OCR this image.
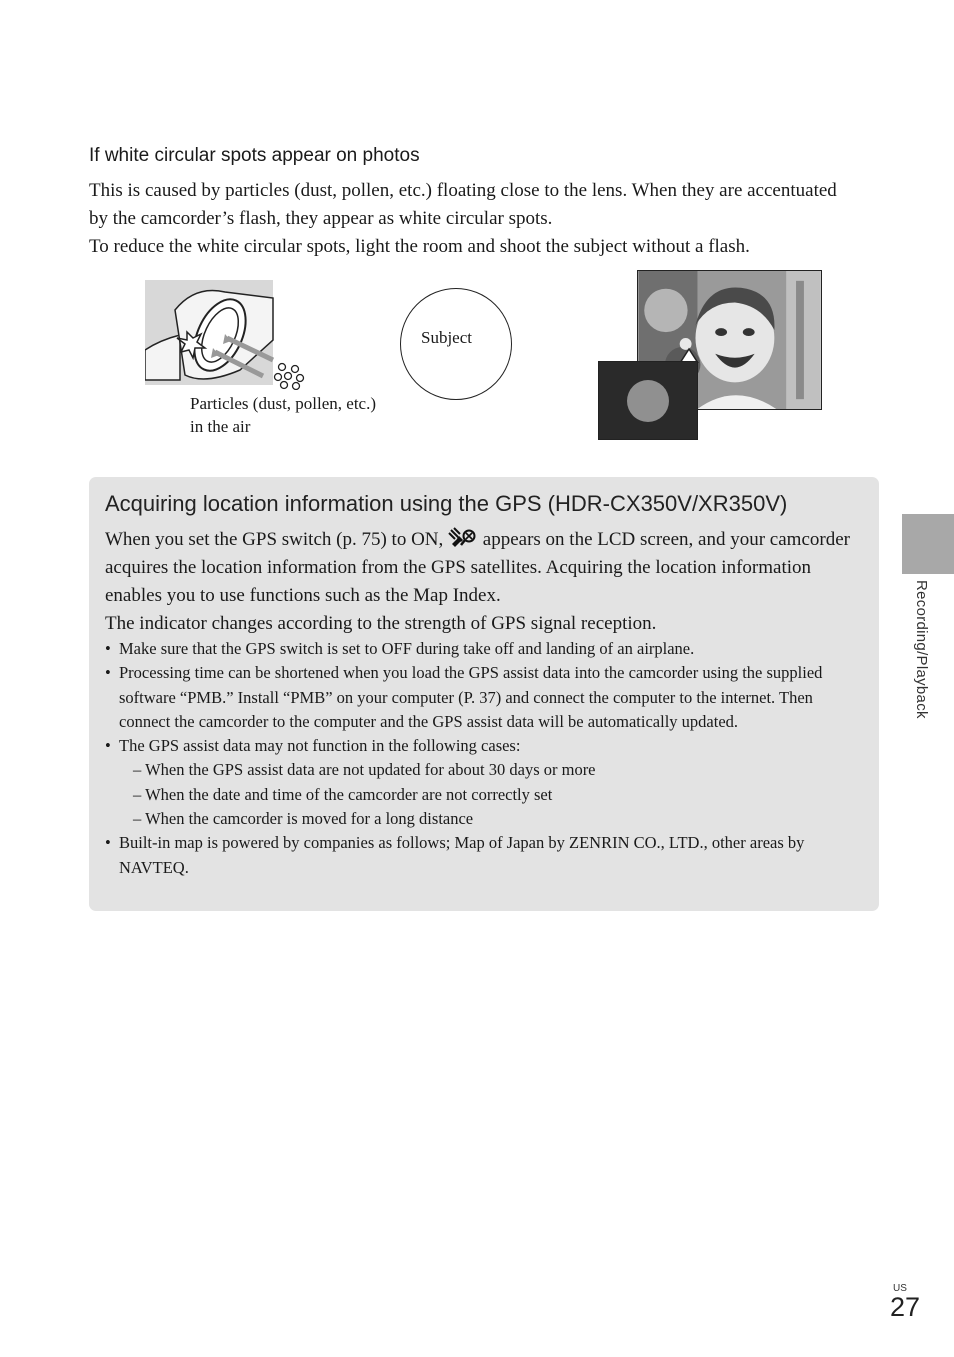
If white circular spots appear on photos

This is caused by particles (dust, pollen, etc.) floating close to the lens. When they are accentuated by the camcorder’s flash, they appear as white circular spots.

To reduce the white circular spots, light the room and shoot the subject without a flash.

Particles (dust, pollen, etc.)
in the air
Subject
Acquiring location information using the GPS (HDR-CX350V/XR350V)

When you set the GPS switch (p. 75) to ON,  appears on the LCD screen, and your camcorder acquires the location information from the GPS satellites. Acquiring the location information enables you to use functions such as the Map Index.

The indicator changes according to the strength of GPS signal reception.

• Make sure that the GPS switch is set to OFF during take off and landing of an airplane.
• Processing time can be shortened when you load the GPS assist data into the camcorder using the supplied software “PMB.” Install “PMB” on your computer (P. 37) and connect the computer to the internet. Then connect the camcorder to the computer and the GPS assist data will be automatically updated.
• The GPS assist data may not function in the following cases:
– When the GPS assist data are not updated for about 30 days or more
– When the date and time of the camcorder are not correctly set
– When the camcorder is moved for a long distance
• Built-in map is powered by companies as follows; Map of Japan by ZENRIN CO., LTD., other areas by NAVTEQ.
Recording/Playback
US
27
